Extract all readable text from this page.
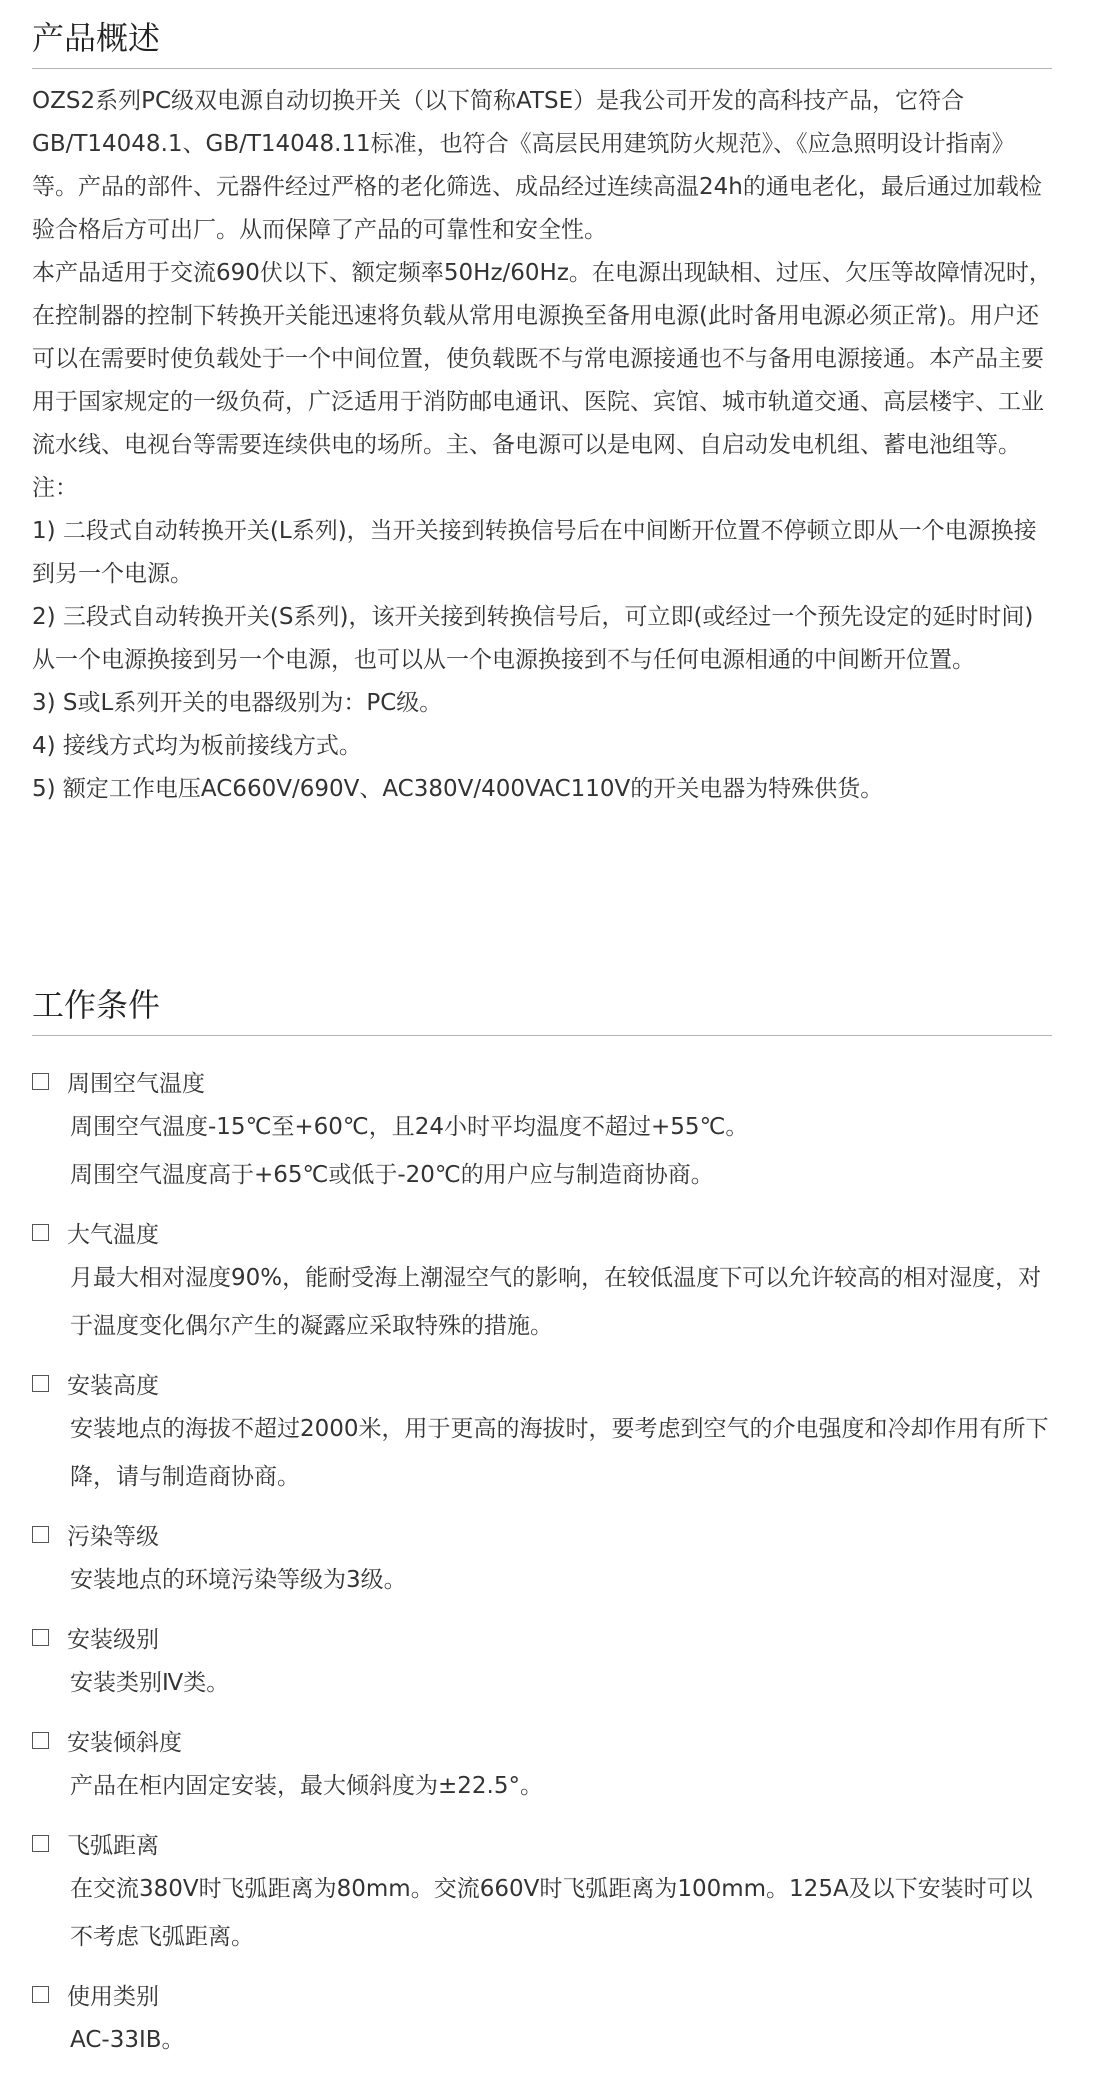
产品概述

OZS2系列PC级双电源自动切换开关（以下简称ATSE）是我公司开发的高科技产品，它符合GB/T14048.1、GB/T14048.11标准，也符合《高层民用建筑防火规范》、《应急照明设计指南》等。产品的部件、元器件经过严格的老化筛选、成品经过连续高温24h的通电老化，最后通过加载检验合格后方可出厂。从而保障了产品的可靠性和安全性。

本产品适用于交流690伏以下、额定频率50Hz/60Hz。在电源出现缺相、过压、欠压等故障情况时，在控制器的控制下转换开关能迅速将负载从常用电源换至备用电源(此时备用电源必须正常)。用户还可以在需要时使负载处于一个中间位置，使负载既不与常电源接通也不与备用电源接通。本产品主要用于国家规定的一级负荷，广泛适用于消防邮电通讯、医院、宾馆、城市轨道交通、高层楼宇、工业流水线、电视台等需要连续供电的场所。主、备电源可以是电网、自启动发电机组、蓄电池组等。

注：

1) 二段式自动转换开关(L系列)，当开关接到转换信号后在中间断开位置不停顿立即从一个电源换接到另一个电源。

2) 三段式自动转换开关(S系列)，该开关接到转换信号后，可立即(或经过一个预先设定的延时时间)从一个电源换接到另一个电源，也可以从一个电源换接到不与任何电源相通的中间断开位置。

3) S或L系列开关的电器级别为：PC级。

4) 接线方式均为板前接线方式。

5) 额定工作电压AC660V/690V、AC380V/400VAC110V的开关电器为特殊供货。

工作条件
周围空气温度

周围空气温度-15℃至+60℃，且24小时平均温度不超过+55℃。

周围空气温度高于+65℃或低于-20℃的用户应与制造商协商。

大气温度

月最大相对湿度90%，能耐受海上潮湿空气的影响，在较低温度下可以允许较高的相对湿度，对于温度变化偶尔产生的凝露应采取特殊的措施。

安装高度

安装地点的海拔不超过2000米，用于更高的海拔时，要考虑到空气的介电强度和冷却作用有所下降，请与制造商协商。

污染等级

安装地点的环境污染等级为3级。

安装级别

安装类别Ⅳ类。

安装倾斜度

产品在柜内固定安装，最大倾斜度为±22.5°。

飞弧距离

在交流380V时飞弧距离为80mm。交流660V时飞弧距离为100mm。125A及以下安装时可以不考虑飞弧距离。

使用类别

AC-33IB。
